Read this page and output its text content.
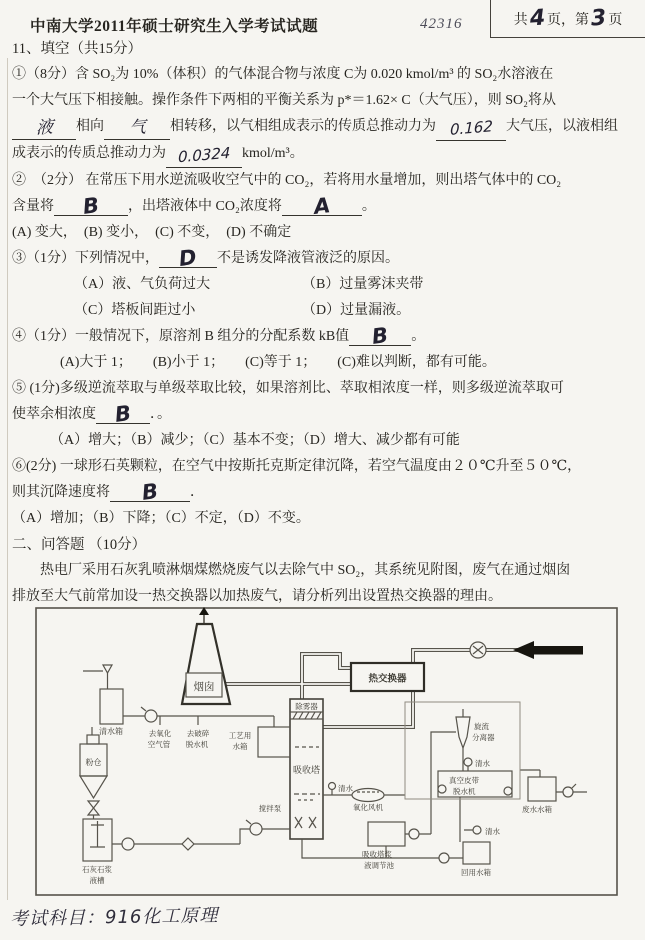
中南大学2011年硕士研究生入学考试试题	42316	共 4 页，第 3 页

11、填空（共15分）

①（8分）含 SO₂为 10%（体积）的气体混合物与浓度 C为 0.020 kmol/m³ 的 SO₂水溶液在

一个大气压下相接触。操作条件下两相的平衡关系为 p*＝1.62× C（大气压），则 SO₂将从

液 相向 气 相转移，以气相组成表示的传质总推动力为 0.162 大气压，以液相组

成表示的传质总推动力为 0.0324 kmol/m³。

②　（2分） 在常压下用水逆流吸收空气中的 CO₂，若将用水量增加，则出塔气体中的 CO₂

含量将 B ，出塔液体中 CO₂浓度将 A 。

(A) 变大，　(B) 变小，　(C) 不变，　(D) 不确定

③（1分）下列情况中， D 不是诱发降液管液泛的原因。

（A）液、气负荷过大	（B）过量雾沫夹带

（C）塔板间距过小	（D）过量漏液。

④（1分）一般情况下，原溶剂 B 组分的分配系数 kB值 B 。

(A)大于 1；　　(B)小于 1；　　(C)等于 1；　　(C)难以判断，都有可能。

⑤ (1分)多级逆流萃取与单级萃取比较，如果溶剂比、萃取相浓度一样，则多级逆流萃取可

使萃余相浓度 B ．。

（A）增大；（B）减少；（C）基本不变；（D）增大、减少都有可能

⑥(2分) 一球形石英颗粒，在空气中按斯托克斯定律沉降，若空气温度由２０℃升至５０℃，

则其沉降速度将 B ．

（A）增加；（B）下降；（C）不定，（D）不变。

二、问答题 （10分）

热电厂采用石灰乳喷淋烟煤燃烧废气以去除气中 SO₂，其系统见附图，废气在通过烟囱

排放至大气前常加设一热交换器以加热废气，请分析列出设置热交换器的理由。

烟囱
热交换器
除雾器
吸收塔
清水箱	去氧化
空气管
去破碎
脱水机
工艺用
水箱
粉仓
石灰石浆
液槽
搅拌泵
清水
氧化风机
旋流
分离器
清水
真空皮带
脱水机
清水
废水水箱
吸收塔浆
液调节池
回用水箱
考试科目：916化工原理
